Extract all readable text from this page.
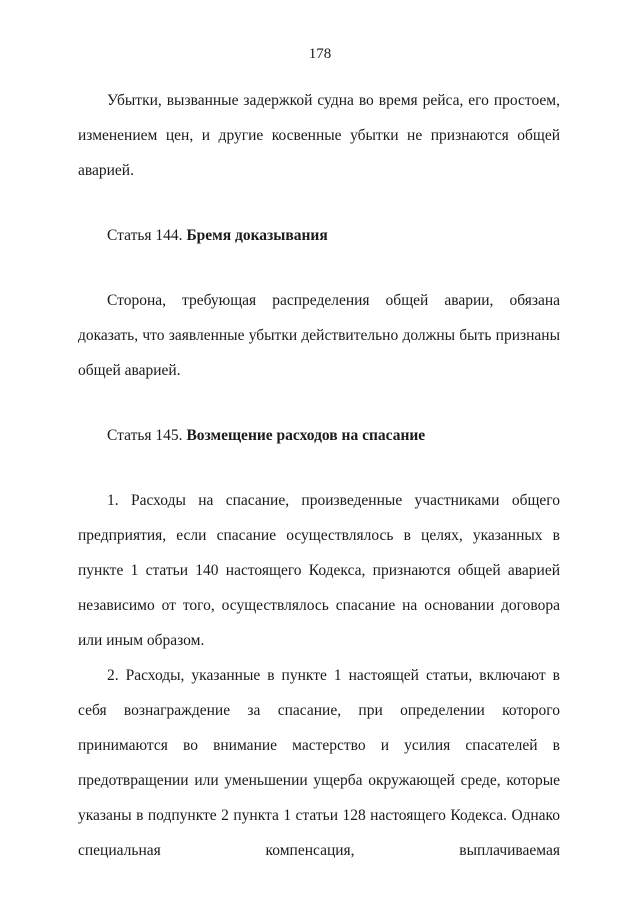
178

Убытки, вызванные задержкой судна во время рейса, его простоем, изменением цен, и другие косвенные убытки не признаются общей аварией.

Статья 144. Бремя доказывания

Сторона, требующая распределения общей аварии, обязана доказать, что заявленные убытки действительно должны быть признаны общей аварией.

Статья 145. Возмещение расходов на спасание

1. Расходы на спасание, произведенные участниками общего предприятия, если спасание осуществлялось в целях, указанных в пункте 1 статьи 140 настоящего Кодекса, признаются общей аварией независимо от того, осуществлялось спасание на основании договора или иным образом.

2. Расходы, указанные в пункте 1 настоящей статьи, включают в себя вознаграждение за спасание, при определении которого принимаются во внимание мастерство и усилия спасателей в предотвращении или уменьшении ущерба окружающей среде, которые указаны в подпункте 2 пункта 1 статьи 128 настоящего Кодекса. Однако специальная компенсация, выплачиваемая
